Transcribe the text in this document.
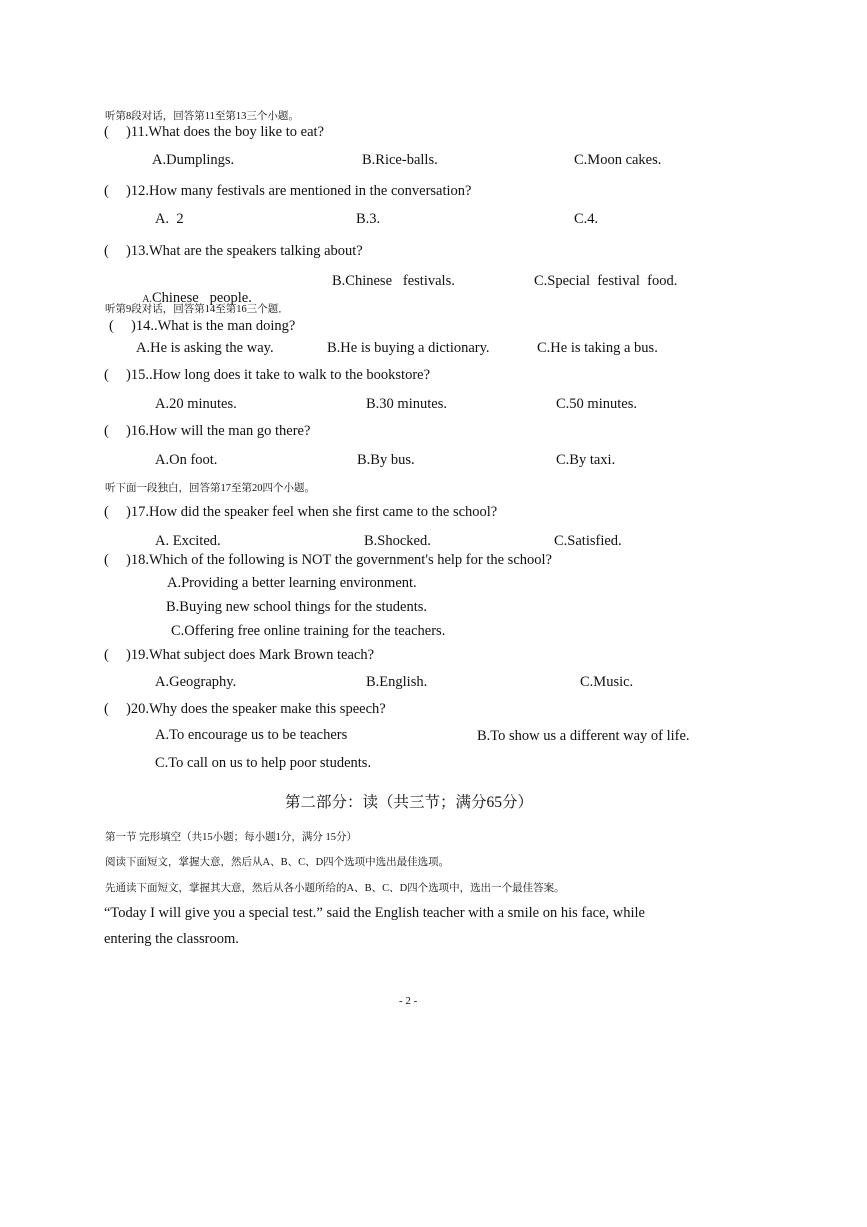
听第8段对话，回答第11至第13三个小题。
( )11.What does the boy like to eat?
A.Dumplings.	B.Rice-balls.	C.Moon cakes.
( )12.How many festivals are mentioned in the conversation?
A.  2	B.3.	C.4.
( )13.What are the speakers talking about?

A.Chinese   people.

B.Chinese   festivals.	C.Special  festival  food.
听第9段对话，回答第14至第16三个题．
( )14..What is the man doing?
A.He is asking the way.	B.He is buying a dictionary.	C.He is taking a bus.
( )15..How long does it take to walk to the bookstore?
A.20 minutes.	B.30 minutes.	C.50 minutes.
( )16.How will the man go there?
A.On foot.	B.By bus.	C.By taxi.
听下面一段独白，回答第17至第20四个小题。
( )17.How did the speaker feel when she first came to the school?
A. Excited.	B.Shocked.	C.Satisfied.
( )18.Which of the following is NOT the government's help for the school?
A.Providing a better learning environment.
B.Buying new school things for the students.
C.Offering free online training for the teachers.
( )19.What subject does Mark Brown teach?
A.Geography.	B.English.	C.Music.
( )20.Why does the speaker make this speech?
A.To encourage us to be teachers	B.To show us a different way of life.
C.To call on us to help poor students.
第二部分：读（共三节；满分65分）
第一节 完形填空（共15小题；每小题1分，满分 15分）
阅读下面短文，掌握大意，然后从A、B、C、D四个选项中选出最佳选项。
先通读下面短文，掌握其大意，然后从各小题所给的A、B、C、D四个选项中，选出一个最佳答案。
“Today I will give you a special test.” said the English teacher with a smile on his face, while
entering the classroom.
- 2 -
